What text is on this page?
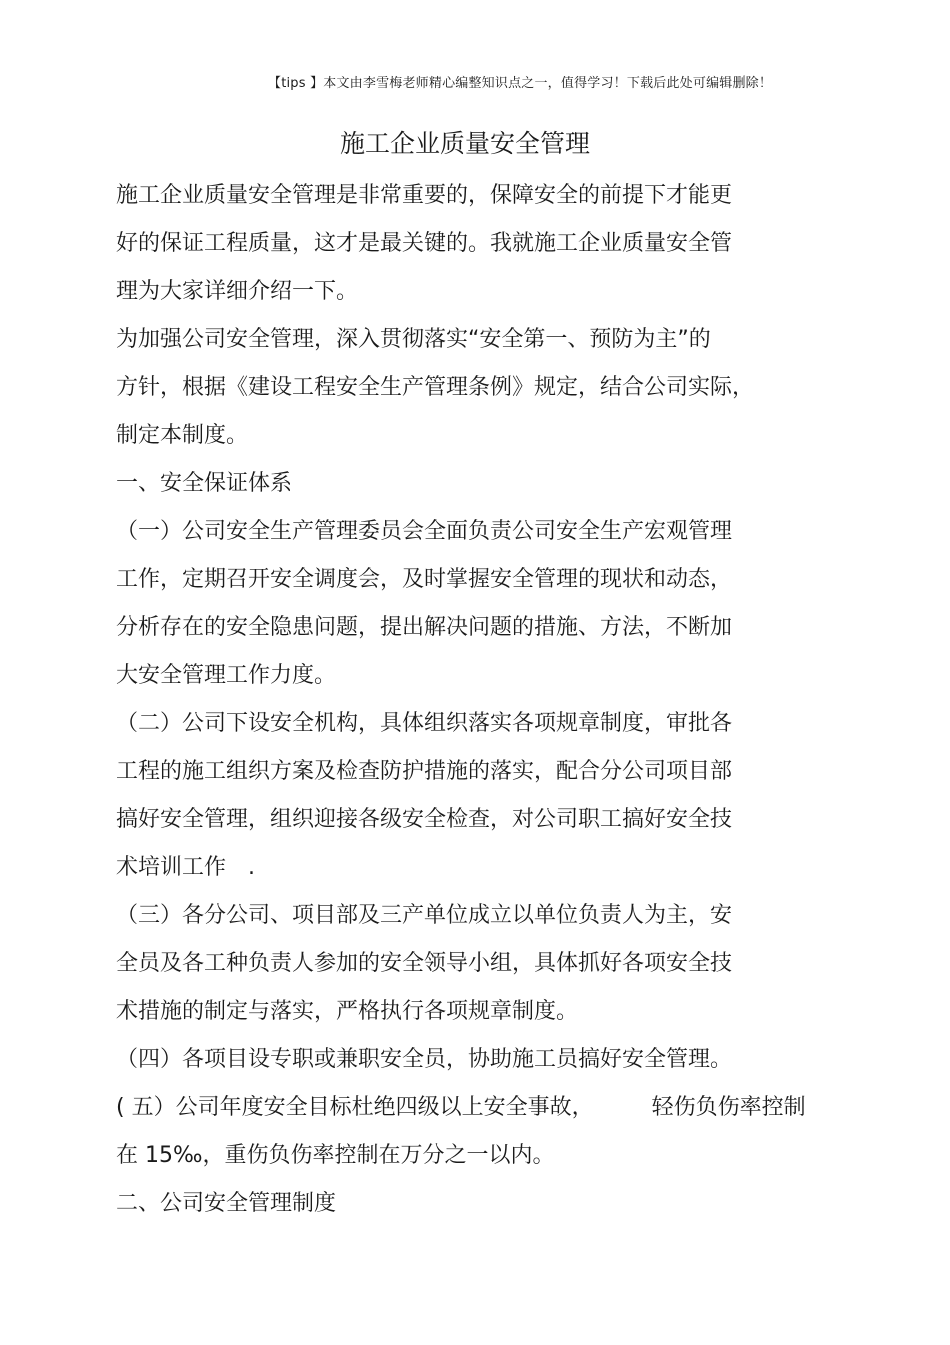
【tips 】本文由李雪梅老师精心编整知识点之一，值得学习！下载后此处可编辑删除！
施工企业质量安全管理
施工企业质量安全管理是非常重要的，保障安全的前提下才能更
好的保证工程质量，这才是最关键的。我就施工企业质量安全管
理为大家详细介绍一下。
为加强公司安全管理，深入贯彻落实“安全第一、预防为主”的
方针，根据《建设工程安全生产管理条例》规定，结合公司实际，
制定本制度。
一、安全保证体系
（一）公司安全生产管理委员会全面负责公司安全生产宏观管理
工作，定期召开安全调度会，及时掌握安全管理的现状和动态，
分析存在的安全隐患问题，提出解决问题的措施、方法，不断加
大安全管理工作力度。
（二）公司下设安全机构，具体组织落实各项规章制度，审批各
工程的施工组织方案及检查防护措施的落实，配合分公司项目部
搞好安全管理，组织迎接各级安全检查，对公司职工搞好安全技
术培训工作　.
（三）各分公司、项目部及三产单位成立以单位负责人为主，安
全员及各工种负责人参加的安全领导小组，具体抓好各项安全技
术措施的制定与落实，严格执行各项规章制度。
（四）各项目设专职或兼职安全员，协助施工员搞好安全管理。
( 五）公司年度安全目标杜绝四级以上安全事故，	轻伤负伤率控制
在 15‰，重伤负伤率控制在万分之一以内。
二、公司安全管理制度
